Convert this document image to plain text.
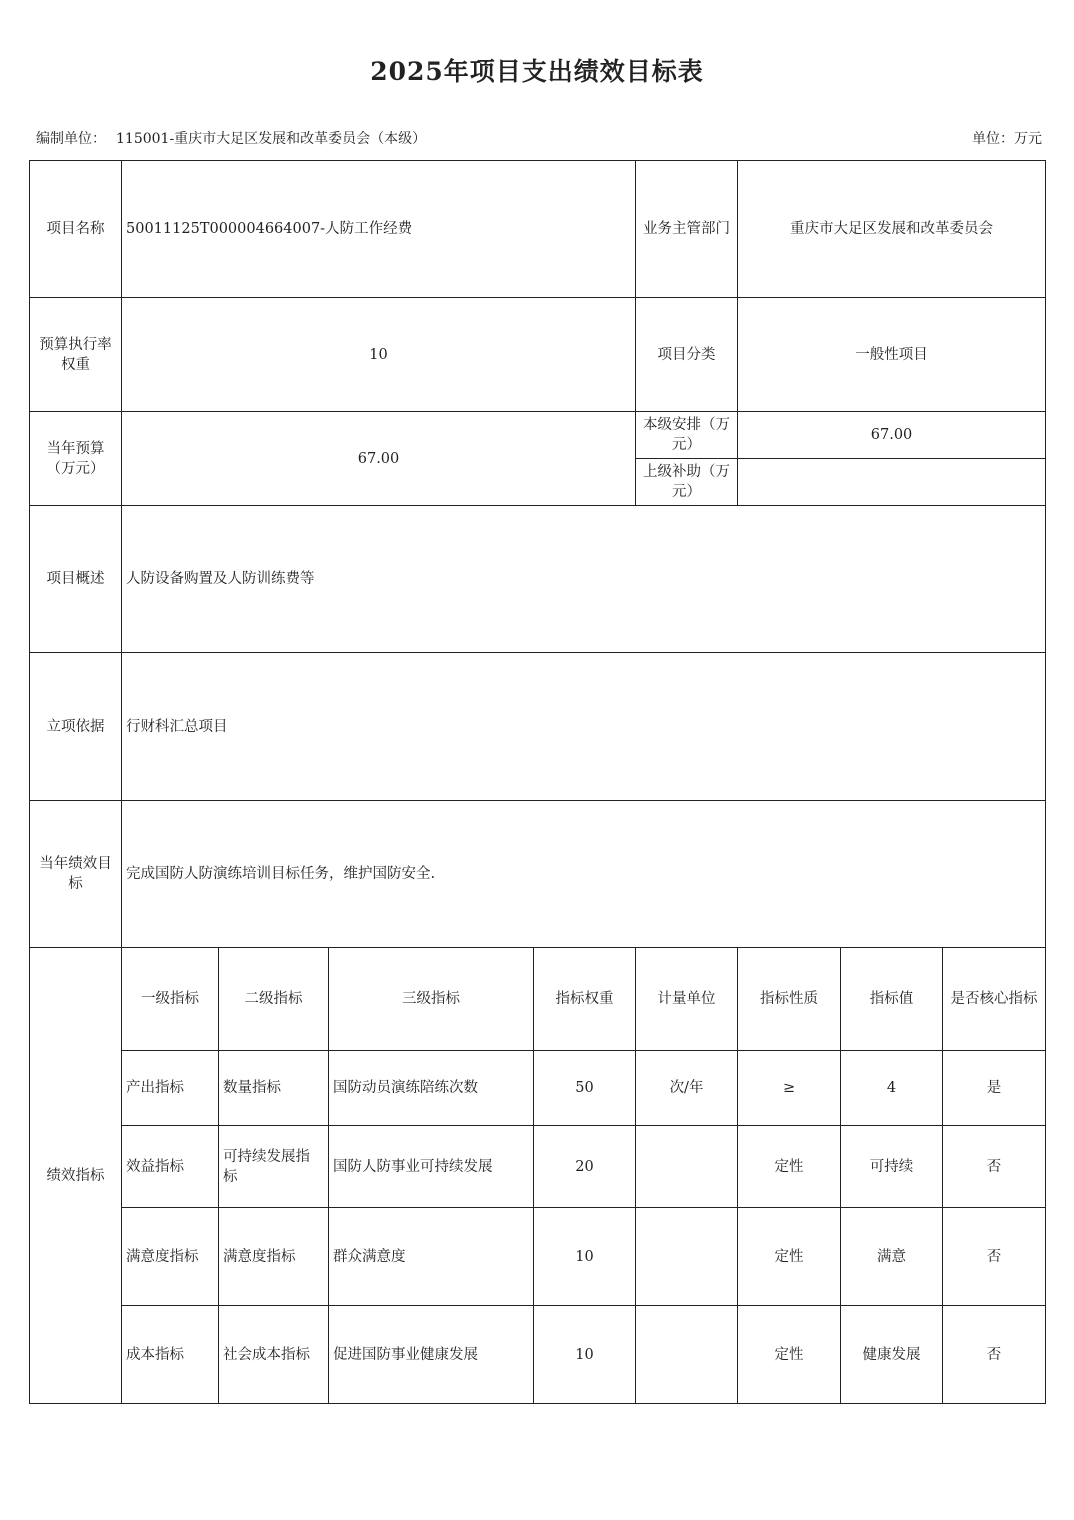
2025年项目支出绩效目标表
编制单位： 115001-重庆市大足区发展和改革委员会（本级）	单位：万元
项目名称	50011125T000004664007-人防工作经费				业务主管部门	重庆市大足区发展和改革委员会		
预算执行率权重	10				项目分类	一般性项目		
当年预算（万元）	67.00				本级安排（万元）	67.00		
					上级补助（万元）			
项目概述	人防设备购置及人防训练费等							
立项依据	行财科汇总项目							
当年绩效目标	完成国防人防演练培训目标任务，维护国防安全.							
绩效指标	一级指标	二级指标	三级指标	指标权重	计量单位	指标性质	指标值	是否核心指标
	产出指标	数量指标	国防动员演练陪练次数	50	次/年	≥	4	是
	效益指标	可持续发展指标	国防人防事业可持续发展	20		定性	可持续	否
	满意度指标	满意度指标	群众满意度	10		定性	满意	否
	成本指标	社会成本指标	促进国防事业健康发展	10		定性	健康发展	否
